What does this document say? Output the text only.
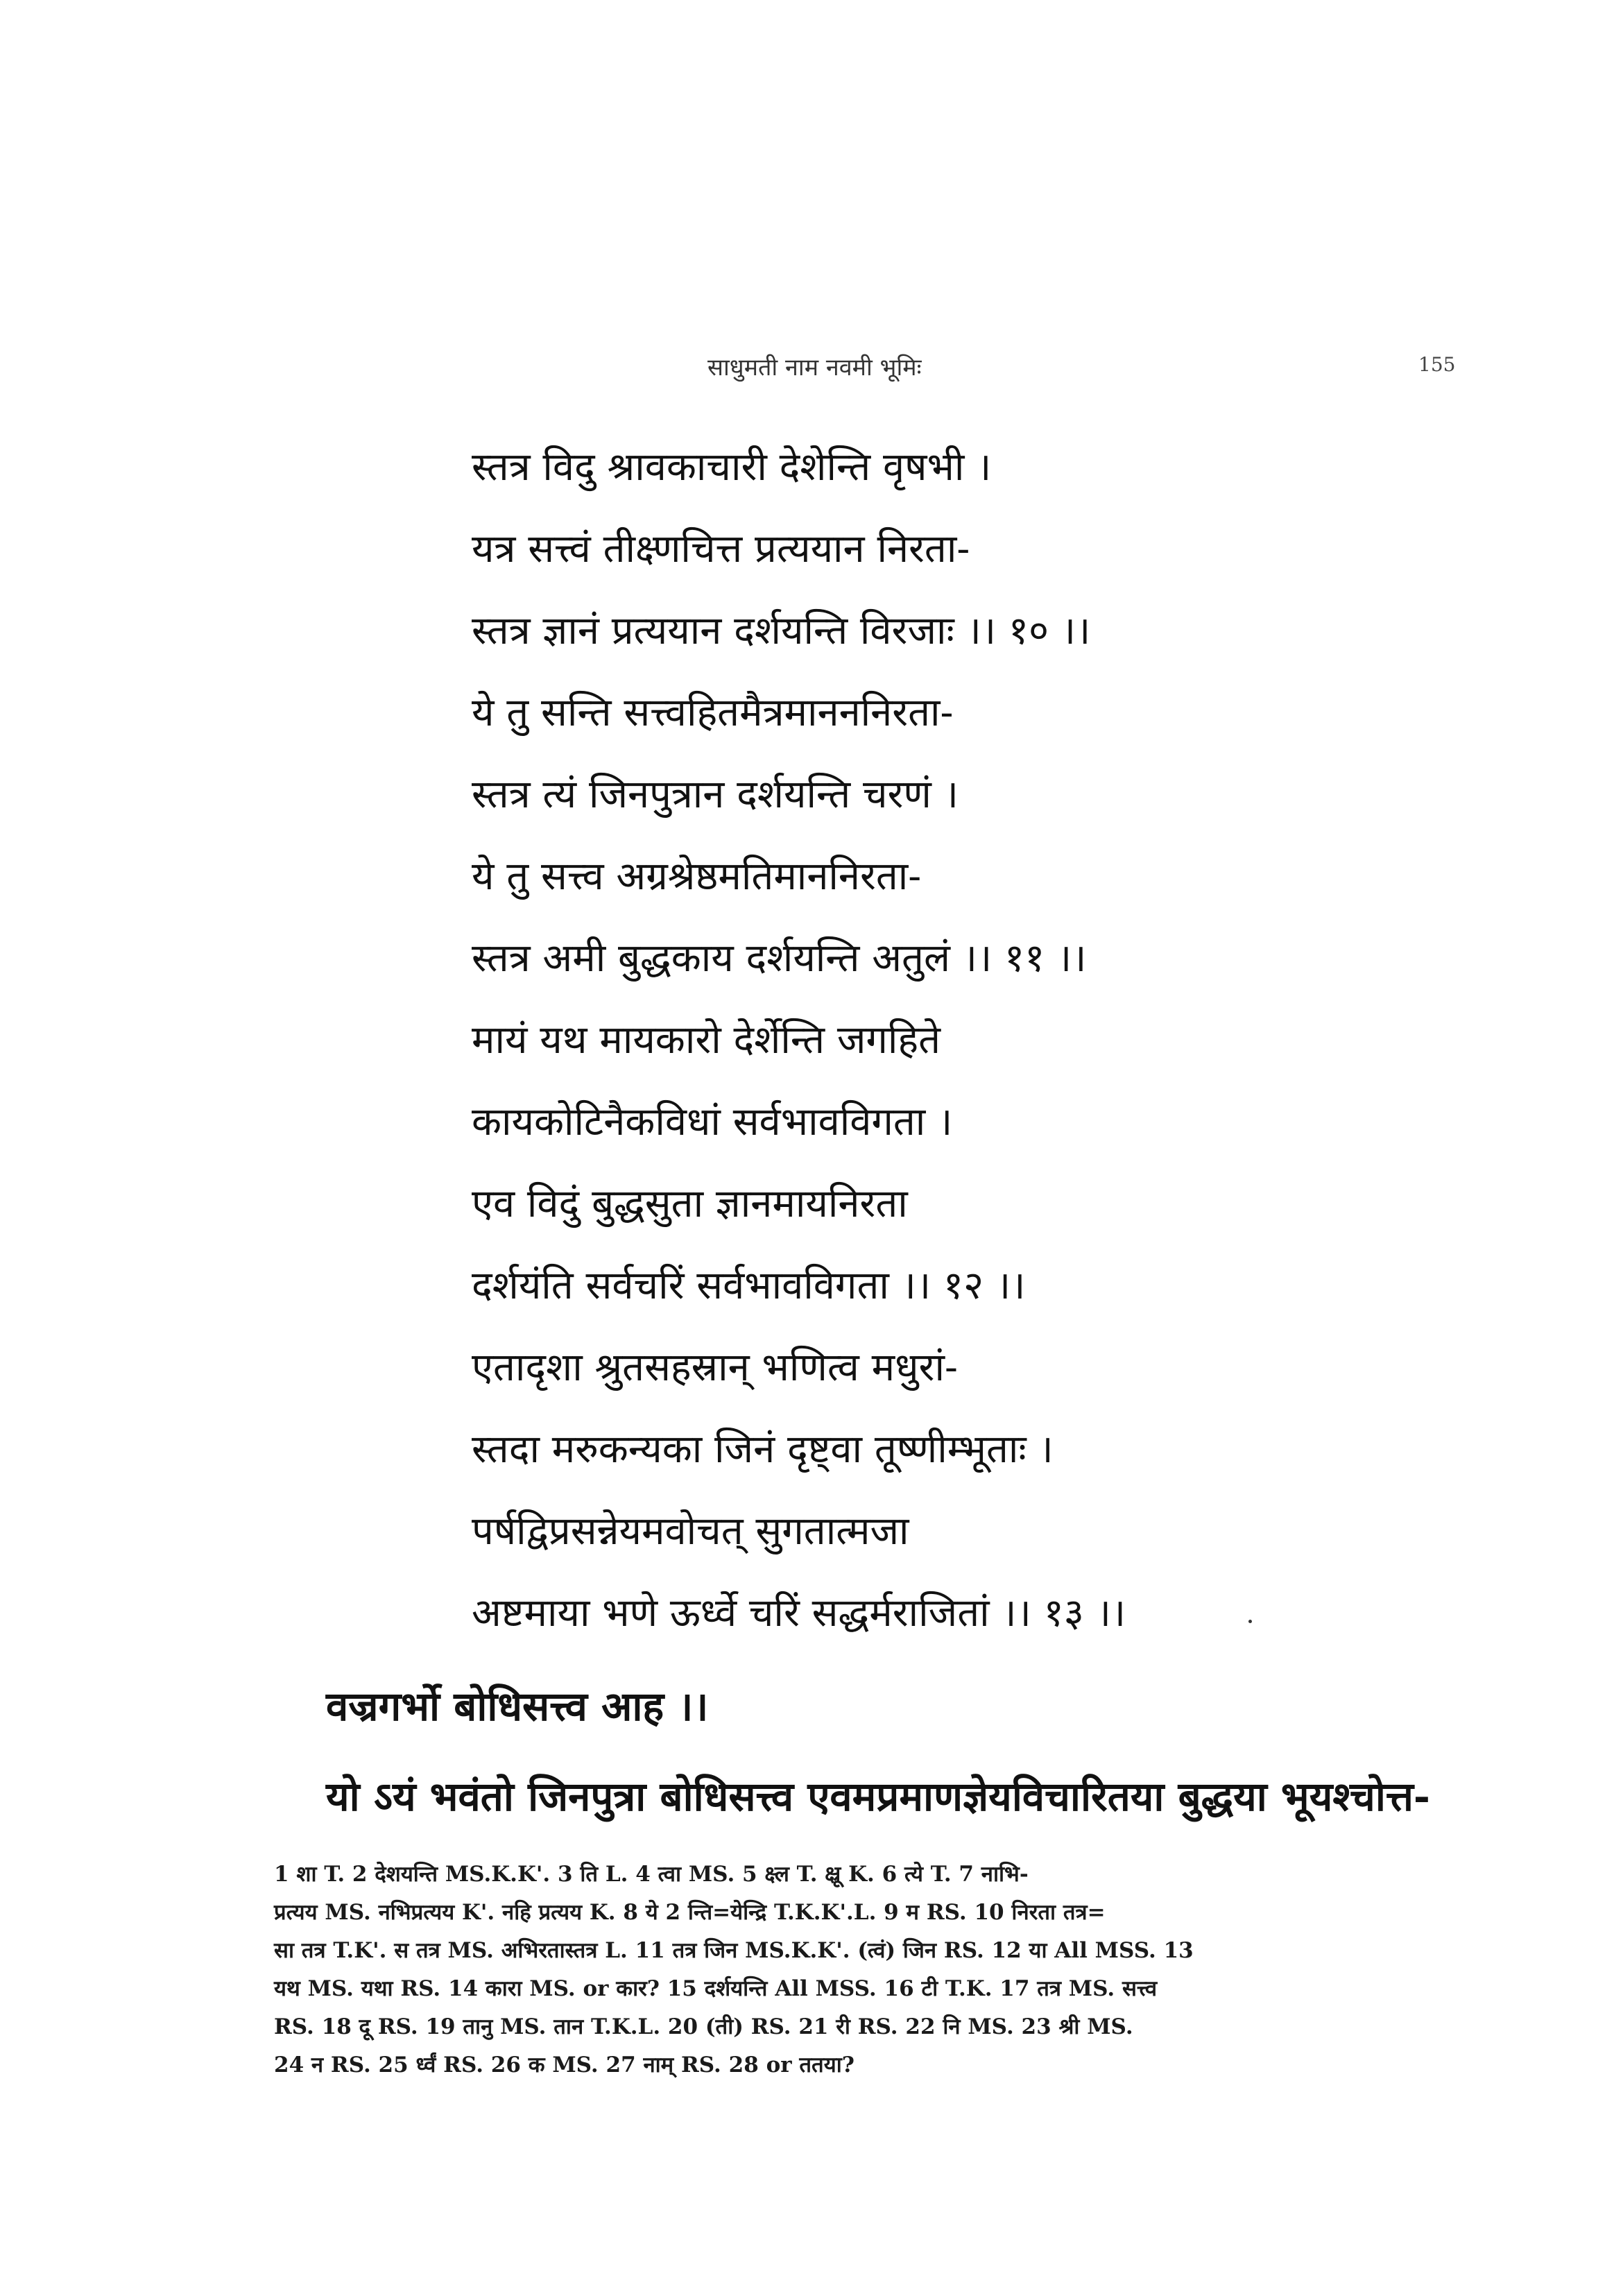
साधुमती नाम नवमी भूमिः	155
स्तत्र विदु श्रावकाचारी देशेन्ति वृषभी ।
यत्र सत्त्वं तीक्ष्णचित्त प्रत्ययान निरता-
स्तत्र ज्ञानं प्रत्ययान दर्शयन्ति विरजाः ।। १० ।।
ये तु सन्ति सत्त्वहितमैत्रमानननिरता-
स्तत्र त्यं जिनपुत्रान दर्शयन्ति चरणं ।
ये तु सत्त्व अग्रश्रेष्ठमतिमाननिरता-
स्तत्र अमी बुद्धकाय दर्शयन्ति अतुलं ।। ११ ।।
मायं यथ मायकारो देर्शेन्ति जगहिते
कायकोटिनैकविधां सर्वभावविगता ।
एव विदुं बुद्धसुता ज्ञानमायनिरता
दर्शयंति सर्वचरिं सर्वभावविगता ।। १२ ।।
एतादृशा श्रुतसहस्रान् भणित्व मधुरां-
स्तदा मरुकन्यका जिनं दृष्ट्वा तूष्णीम्भूताः ।
पर्षद्विप्रसन्नेयमवोचत् सुगतात्मजा
अष्टमाया भणे ऊर्ध्वे चरिं सद्धर्मराजितां ।। १३ ।।
वज्रगर्भो बोधिसत्त्व आह ।।
यो ऽयं भवंतो जिनपुत्रा बोधिसत्त्व एवमप्रमाणज्ञेयविचारितया बुद्धया भूयश्चोत्त-
1 शा T. 2 देशयन्ति MS.K.K'. 3 ति L. 4 त्वा MS. 5 क्ष्ल T. क्ष्रू K. 6 त्ये T. 7 नाभि-
प्रत्यय MS. नभिप्रत्यय K'. नहि प्रत्यय K. 8 ये 2 न्ति=येन्द्रि T.K.K'.L. 9 म RS. 10 निरता तत्र=
सा तत्र T.K'. स तत्र MS. अभिरतास्तत्र L. 11 तत्र जिन MS.K.K'. (त्वं) जिन RS. 12 या All MSS. 13
यथ MS. यथा RS. 14 कारा MS. or कार? 15 दर्शयन्ति All MSS. 16 टी T.K. 17 तत्र MS. सत्त्व
RS. 18 दू RS. 19 तानु MS. तान T.K.L. 20 (ती) RS. 21 री RS. 22 नि MS. 23 श्री MS.
24 न RS. 25 र्ध्वं RS. 26 क MS. 27 नाम् RS. 28 or ततया?
